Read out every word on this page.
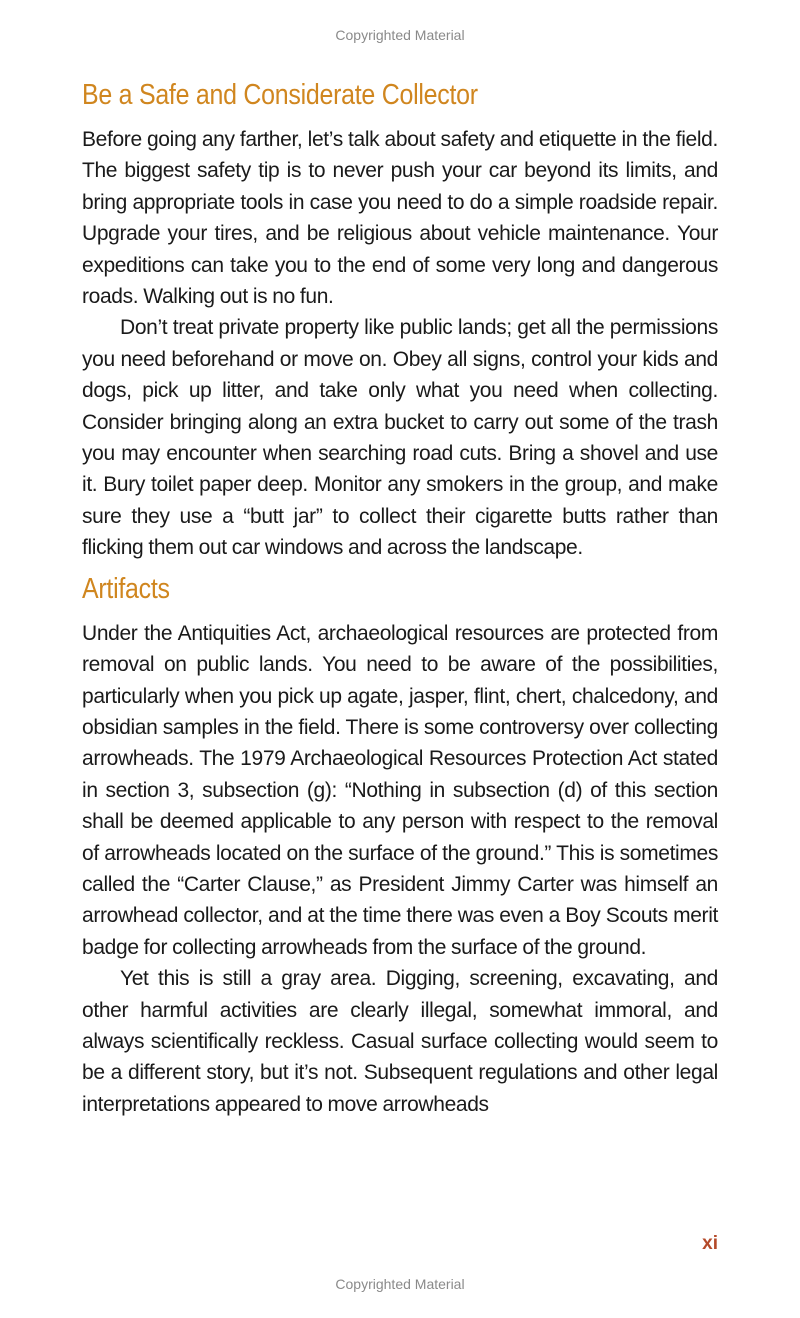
Copyrighted Material
Be a Safe and Considerate Collector

Before going any farther, let’s talk about safety and etiquette in the field. The biggest safety tip is to never push your car beyond its limits, and bring appropriate tools in case you need to do a simple roadside repair. Upgrade your tires, and be religious about vehicle maintenance. Your expeditions can take you to the end of some very long and dangerous roads. Walking out is no fun.

Don’t treat private property like public lands; get all the permissions you need beforehand or move on. Obey all signs, control your kids and dogs, pick up litter, and take only what you need when collecting. Consider bringing along an extra bucket to carry out some of the trash you may encounter when searching road cuts. Bring a shovel and use it. Bury toilet paper deep. Monitor any smokers in the group, and make sure they use a “butt jar” to collect their cigarette butts rather than flicking them out car windows and across the landscape.

Artifacts

Under the Antiquities Act, archaeological resources are protected from removal on public lands. You need to be aware of the possibilities, particularly when you pick up agate, jasper, flint, chert, chalcedony, and obsidian samples in the field. There is some controversy over collecting arrowheads. The 1979 Archaeological Resources Protection Act stated in section 3, subsection (g): “Nothing in subsection (d) of this section shall be deemed applicable to any person with respect to the removal of arrowheads located on the surface of the ground.” This is sometimes called the “Carter Clause,” as President Jimmy Carter was himself an arrowhead collector, and at the time there was even a Boy Scouts merit badge for collecting arrowheads from the surface of the ground.

Yet this is still a gray area. Digging, screening, excavating, and other harmful activities are clearly illegal, somewhat immoral, and always scientifically reckless. Casual surface collecting would seem to be a different story, but it’s not. Subsequent regulations and other legal interpretations appeared to move arrowheads

xi
Copyrighted Material
